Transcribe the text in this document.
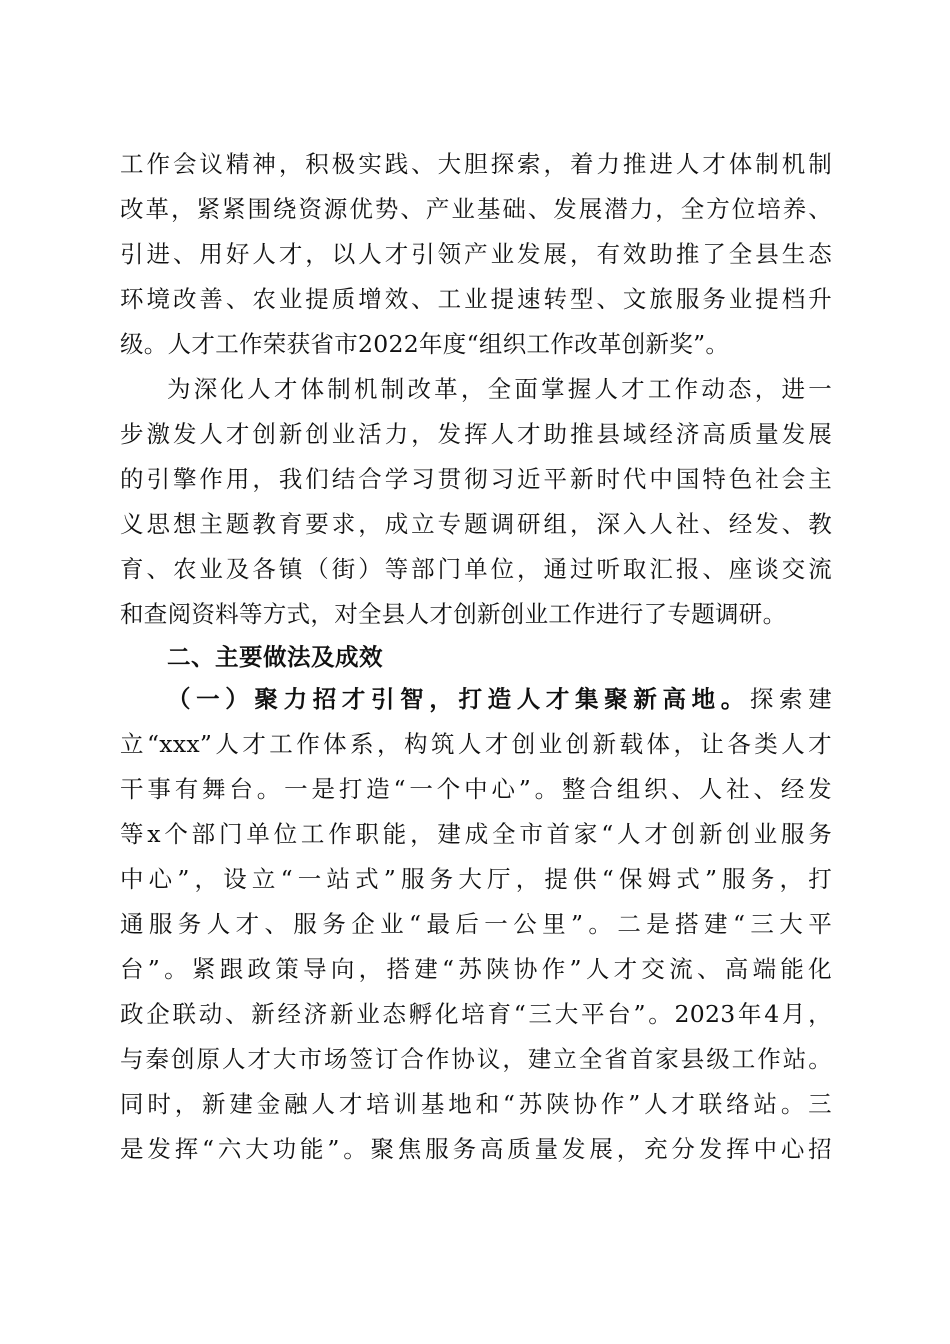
工作会议精神，积极实践、大胆探索，着力推进人才体制机制
改革，紧紧围绕资源优势、产业基础、发展潜力，全方位培养、
引进、用好人才，以人才引领产业发展，有效助推了全县生态
环境改善、农业提质增效、工业提速转型、文旅服务业提档升
级。人才工作荣获省市2022年度“组织工作改革创新奖”。
为深化人才体制机制改革，全面掌握人才工作动态，进一
步激发人才创新创业活力，发挥人才助推县域经济高质量发展
的引擎作用，我们结合学习贯彻习近平新时代中国特色社会主
义思想主题教育要求，成立专题调研组，深入人社、经发、教
育、农业及各镇（街）等部门单位，通过听取汇报、座谈交流
和查阅资料等方式，对全县人才创新创业工作进行了专题调研。
二、主要做法及成效
（一）聚力招才引智，打造人才集聚新高地。探索建
立“xxx”人才工作体系，构筑人才创业创新载体，让各类人才
干事有舞台。一是打造“一个中心”。整合组织、人社、经发
等x个部门单位工作职能，建成全市首家“人才创新创业服务
中心”，设立“一站式”服务大厅，提供“保姆式”服务，打
通服务人才、服务企业“最后一公里”。二是搭建“三大平
台”。紧跟政策导向，搭建“苏陕协作”人才交流、高端能化
政企联动、新经济新业态孵化培育“三大平台”。2023年4月，
与秦创原人才大市场签订合作协议，建立全省首家县级工作站。
同时，新建金融人才培训基地和“苏陕协作”人才联络站。三
是发挥“六大功能”。聚焦服务高质量发展，充分发挥中心招
